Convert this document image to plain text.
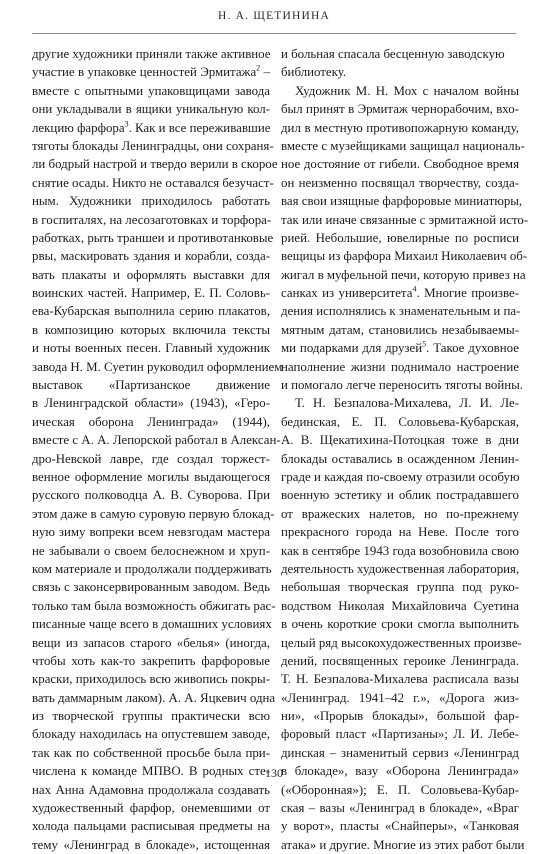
Н. А. ЩЕТИНИНА
другие художники приняли также активное
участие в упаковке ценностей Эрмитажа$^2$ –
вместе с опытными упаковщицами завода
они укладывали в ящики уникальную кол-
лекцию фарфора$^3$. Как и все переживавшие
тяготы блокады Ленинградцы, они сохраня-
ли бодрый настрой и твердо верили в скорое
снятие осады. Никто не оставался безучаст-
ным. Художники приходилось работать
в госпиталях, на лесозаготовках и торфора-
работках, рыть траншеи и противотанковые
рвы, маскировать здания и корабли, созда-
вать плакаты и оформлять выставки для
воинских частей. Например, Е. П. Соловь-
ева-Кубарская выполнила серию плакатов,
в композицию которых включила тексты
и ноты военных песен. Главный художник
завода Н. М. Суетин руководил оформлением
выставок «Партизанское движение
в Ленинградской области» (1943), «Геро-
ическая оборона Ленинграда» (1944),
вместе с А. А. Лепорской работал в Алексан-
дро-Невской лавре, где создал торжест-
венное оформление могилы выдающегося
русского полководца А. В. Суворова. При
этом даже в самую суровую первую блокад-
ную зиму вопреки всем невзгодам мастера
не забывали о своем белоснежном и хруп-
ком материале и продолжали поддерживать
связь с законсервированным заводом. Ведь
только там была возможность обжигать рас-
писанные чаще всего в домашних условиях
вещи из запасов старого «белья» (иногда,
чтобы хоть как-то закрепить фарфоровые
краски, приходилось всю живопись покры-
вать даммарным лаком). А. А. Яцкевич одна
из творческой группы практически всю
блокаду находилась на опустевшем заводе,
так как по собственной просьбе была при-
числена к команде МПВО. В родных сте-
нах Анна Адамовна продолжала создавать
художественный фарфор, онемевшими от
холода пальцами расписывая предметы на
тему «Ленинград в блокаде», истощенная
и больная спасала бесценную заводскую
библиотеку.
Художник М. Н. Мох с началом войны
был принят в Эрмитаж чернорабочим, вхо-
дил в местную противопожарную команду,
вместе с музейщиками защищал националь-
ное достояние от гибели. Свободное время
он неизменно посвящал творчеству, созда-
вая свои изящные фарфоровые миниатюры,
так или иначе связанные с эрмитажной исто-
рией. Небольшие, ювелирные по росписи
вещицы из фарфора Михаил Николаевич об-
жигал в муфельной печи, которую привез на
санках из университета$^4$. Многие произве-
дения исполнялись к знаменательным и па-
мятным датам, становились незабываемы-
ми подарками для друзей$^5$. Такое духовное
наполнение жизни поднимало настроение
и помогало легче переносить тяготы войны.
Т. Н. Безпалова-Михалева, Л. И. Ле-
бединская, Е. П. Соловьева-Кубарская,
А. В. Щекатихина-Потоцкая тоже в дни
блокады оставались в осажденном Ленин-
граде и каждая по-своему отразили особую
военную эстетику и облик пострадавшего
от вражеских налетов, но по-прежнему
прекрасного города на Неве. После того
как в сентябре 1943 года возобновила свою
деятельность художественная лаборатория,
небольшая творческая группа под руко-
водством Николая Михайловича Суетина
в очень короткие сроки смогла выполнить
целый ряд высокохудожественных произве-
дений, посвященных героике Ленинграда.
Т. Н. Безпалова-Михалева расписала вазы
«Ленинград. 1941–42 г.», «Дорога жиз-
ни», «Прорыв блокады», большой фар-
форовый пласт «Партизаны»; Л. И. Лебе-
динская – знаменитый сервиз «Ленинград
в блокаде», вазу «Оборона Ленинграда»
(«Оборонная»); Е. П. Соловьева-Кубар-
ская – вазы «Ленинград в блокаде», «Враг
у ворот», пласты «Снайперы», «Танковая
атака» и другие. Многие из этих работ были
130
